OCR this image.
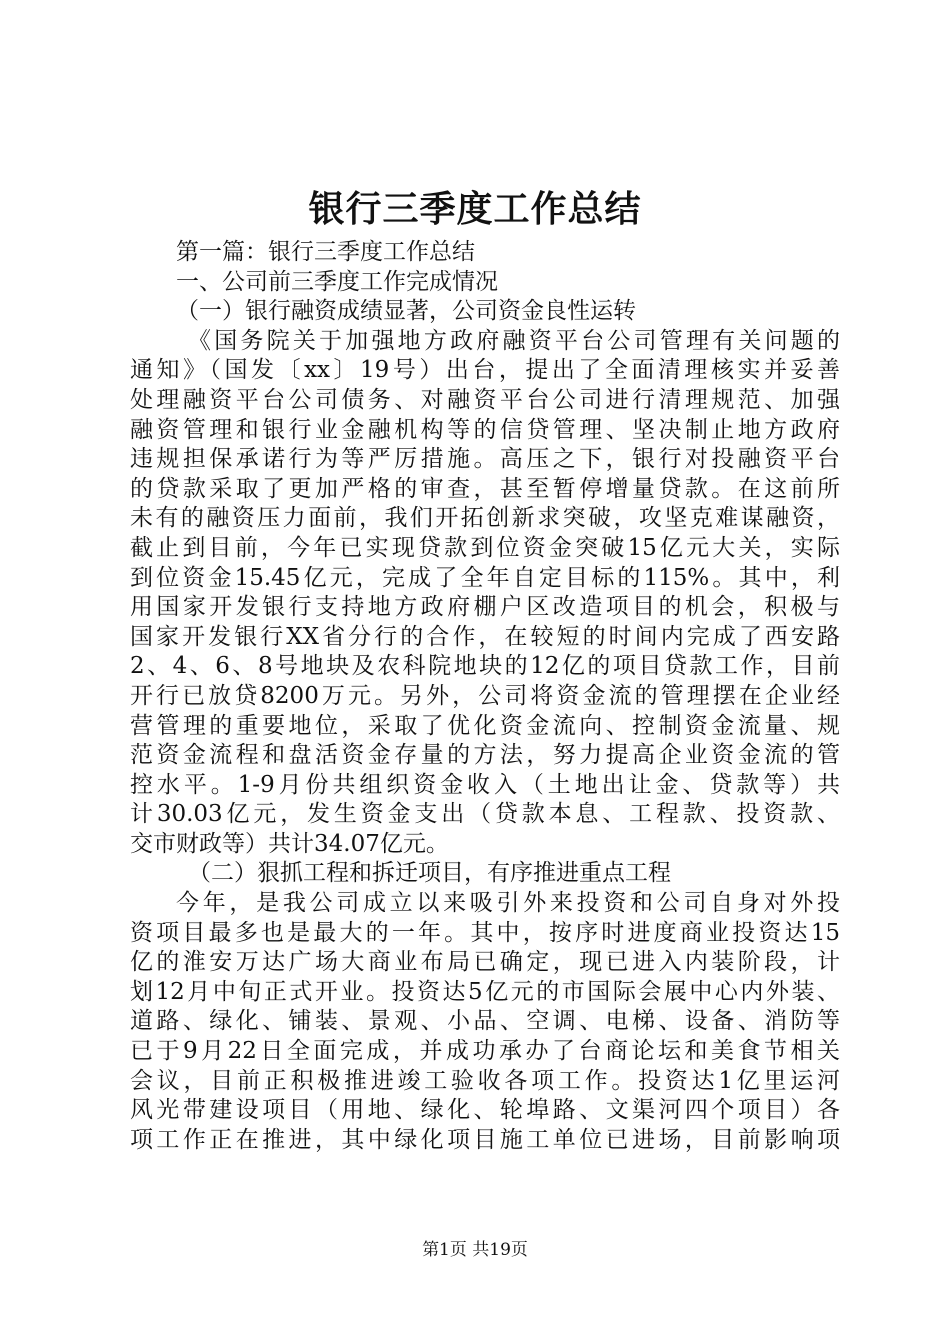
银行三季度工作总结
第一篇：银行三季度工作总结
一、公司前三季度工作完成情况
（一）银行融资成绩显著，公司资金良性运转
《国务院关于加强地方政府融资平台公司管理有关问题的
通知》（国发〔xx〕19号）出台，提出了全面清理核实并妥善
处理融资平台公司债务、对融资平台公司进行清理规范、加强
融资管理和银行业金融机构等的信贷管理、坚决制止地方政府
违规担保承诺行为等严厉措施。高压之下，银行对投融资平台
的贷款采取了更加严格的审查，甚至暂停增量贷款。在这前所
未有的融资压力面前，我们开拓创新求突破，攻坚克难谋融资，
截止到目前，今年已实现贷款到位资金突破15亿元大关，实际
到位资金15.45亿元，完成了全年自定目标的115%。其中，利
用国家开发银行支持地方政府棚户区改造项目的机会，积极与
国家开发银行XX省分行的合作，在较短的时间内完成了西安路
2、4、6、8号地块及农科院地块的12亿的项目贷款工作，目前
开行已放贷8200万元。另外，公司将资金流的管理摆在企业经
营管理的重要地位，采取了优化资金流向、控制资金流量、规
范资金流程和盘活资金存量的方法，努力提高企业资金流的管
控水平。1-9月份共组织资金收入（土地出让金、贷款等）共
计30.03亿元，发生资金支出（贷款本息、工程款、投资款、
交市财政等）共计34.07亿元。
（二）狠抓工程和拆迁项目，有序推进重点工程
今年，是我公司成立以来吸引外来投资和公司自身对外投
资项目最多也是最大的一年。其中，按序时进度商业投资达15
亿的淮安万达广场大商业布局已确定，现已进入内装阶段，计
划12月中旬正式开业。投资达5亿元的市国际会展中心内外装、
道路、绿化、铺装、景观、小品、空调、电梯、设备、消防等
已于9月22日全面完成，并成功承办了台商论坛和美食节相关
会议，目前正积极推进竣工验收各项工作。投资达1亿里运河
风光带建设项目（用地、绿化、轮埠路、文渠河四个项目）各
项工作正在推进，其中绿化项目施工单位已进场，目前影响项
第1页 共19页
